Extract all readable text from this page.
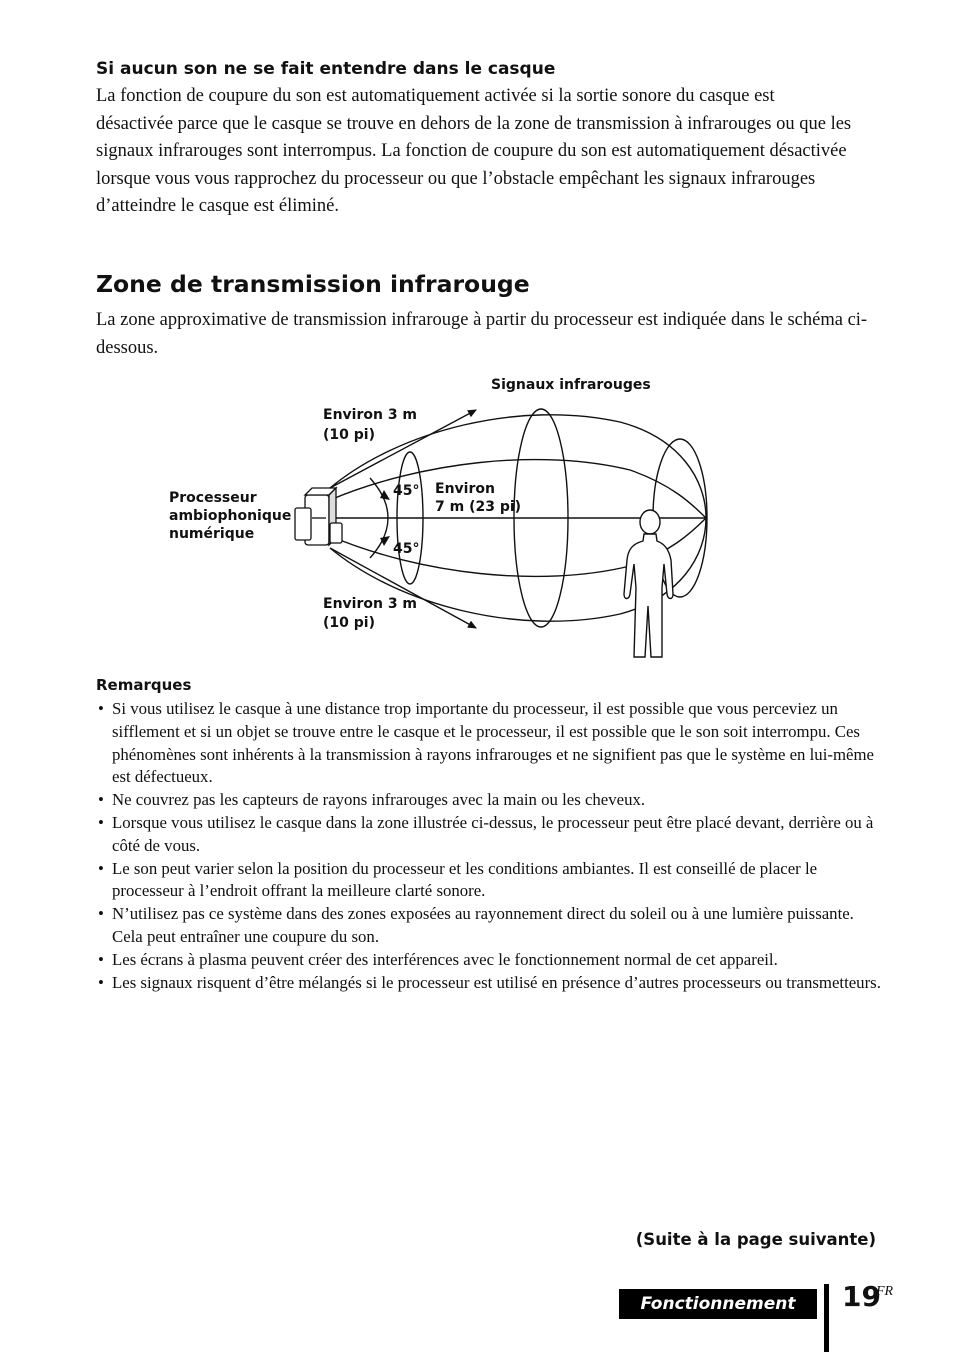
Si aucun son ne se fait entendre dans le casque

La fonction de coupure du son est automatiquement activée si la sortie sonore du casque est désactivée parce que le casque se trouve en dehors de la zone de transmission à infrarouges ou que les signaux infrarouges sont interrompus. La fonction de coupure du son est automatiquement désactivée lorsque vous vous rapprochez du processeur ou que l’obstacle empêchant les signaux infrarouges d’atteindre le casque est éliminé.

Zone de transmission infrarouge

La zone approximative de transmission infrarouge à partir du processeur est indiquée dans le schéma ci-dessous.

Signaux infrarouges
Environ 3 m
(10 pi)
Processeur
ambiophonique
numérique
45°
45°
Environ
7 m (23 pi)
Environ 3 m
(10 pi)
Remarques
• Si vous utilisez le casque à une distance trop importante du processeur, il est possible que vous perceviez un sifflement et si un objet se trouve entre le casque et le processeur, il est possible que le son soit interrompu. Ces phénomènes sont inhérents à la transmission à rayons infrarouges et ne signifient pas que le système en lui-même est défectueux.
• Ne couvrez pas les capteurs de rayons infrarouges avec la main ou les cheveux.
• Lorsque vous utilisez le casque dans la zone illustrée ci-dessus, le processeur peut être placé devant, derrière ou à côté de vous.
• Le son peut varier selon la position du processeur et les conditions ambiantes. Il est conseillé de placer le processeur à l’endroit offrant la meilleure clarté sonore.
• N’utilisez pas ce système dans des zones exposées au rayonnement direct du soleil ou à une lumière puissante. Cela peut entraîner une coupure du son.
• Les écrans à plasma peuvent créer des interférences avec le fonctionnement normal de cet appareil.
• Les signaux risquent d’être mélangés si le processeur est utilisé en présence d’autres processeurs ou transmetteurs.
(Suite à la page suivante)
Fonctionnement	19
FR
